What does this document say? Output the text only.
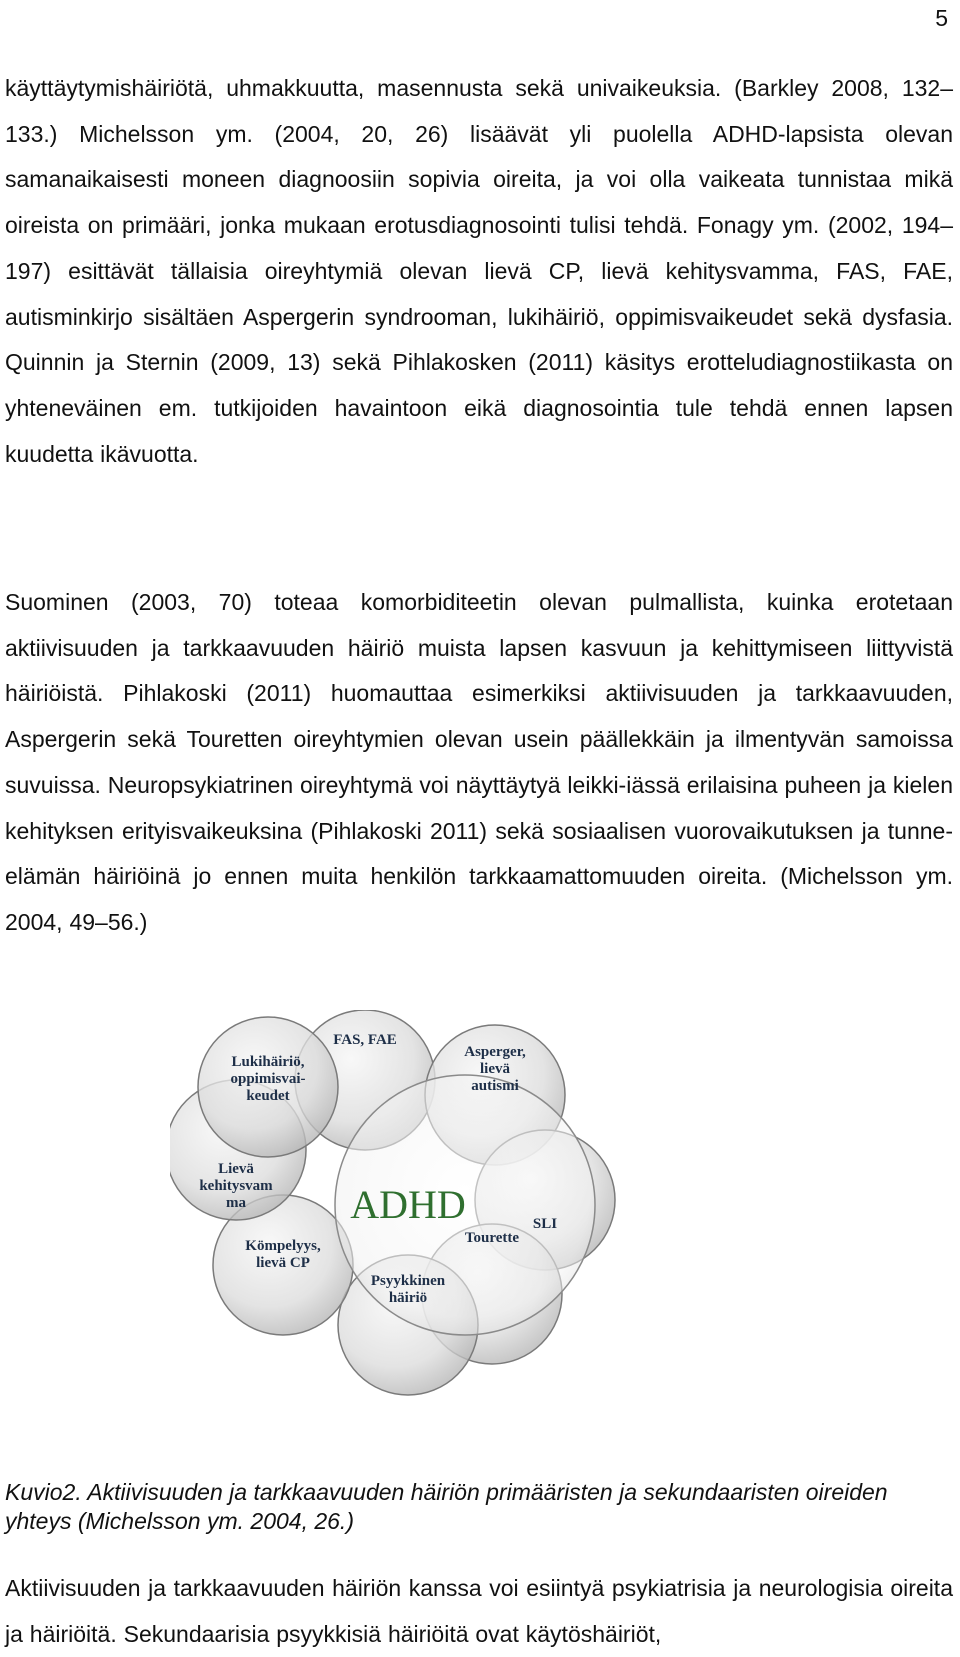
5

käyttäytymishäiriötä, uhmakkuutta, masennusta sekä univaikeuksia. (Barkley 2008, 132–133.) Michelsson ym. (2004, 20, 26) lisäävät yli puolella ADHD-lapsista olevan samanaikaisesti moneen diagnoosiin sopivia oireita, ja voi olla vaikeata tunnistaa mikä oireista on primääri, jonka mukaan erotusdiagnosointi tulisi tehdä. Fonagy ym. (2002, 194–197) esittävät tällaisia oireyhtymiä olevan lievä CP, lievä kehitysvamma, FAS, FAE, autisminkirjo sisältäen Aspergerin syndrooman, lukihäiriö, oppimisvaikeudet sekä dysfasia. Quinnin ja Sternin (2009, 13) sekä Pihlakosken (2011) käsitys erotteludiagnostiikasta on yhteneväinen em. tutkijoiden havaintoon eikä diagnosointia tule tehdä ennen lapsen kuudetta ikävuotta.

Suominen (2003, 70) toteaa komorbiditeetin olevan pulmallista, kuinka erotetaan aktiivisuuden ja tarkkaavuuden häiriö muista lapsen kasvuun ja kehittymiseen liittyvistä häiriöistä. Pihlakoski (2011) huomauttaa esimerkiksi aktiivisuuden ja tarkkaavuuden, Aspergerin sekä Touretten oireyhtymien olevan usein päällekkäin ja ilmentyvän samoissa suvuissa. Neuropsykiatrinen oireyhtymä voi näyttäytyä leikki-iässä erilaisina puheen ja kielen kehityksen erityisvaikeuksina (Pihlakoski 2011) sekä sosiaalisen vuorovaikutuksen ja tunne-elämän häiriöinä jo ennen muita henkilön tarkkaamattomuuden oireita. (Michelsson ym. 2004, 49–56.)

ADHD
FAS, FAE
Asperger, lievä autismi
SLI
Tourette
Psyykkinen häiriö
Kömpelyys, lievä CP
Lievä kehitysvam ma
Lukihäiriö, oppimisvai-keudet

Kuvio2. Aktiivisuuden ja tarkkaavuuden häiriön primääristen ja sekundaaristen oireiden yhteys (Michelsson ym. 2004, 26.)

Aktiivisuuden ja tarkkaavuuden häiriön kanssa voi esiintyä psykiatrisia ja neurologisia oireita ja häiriöitä. Sekundaarisia psyykkisiä häiriöitä ovat käytöshäiriöt,
